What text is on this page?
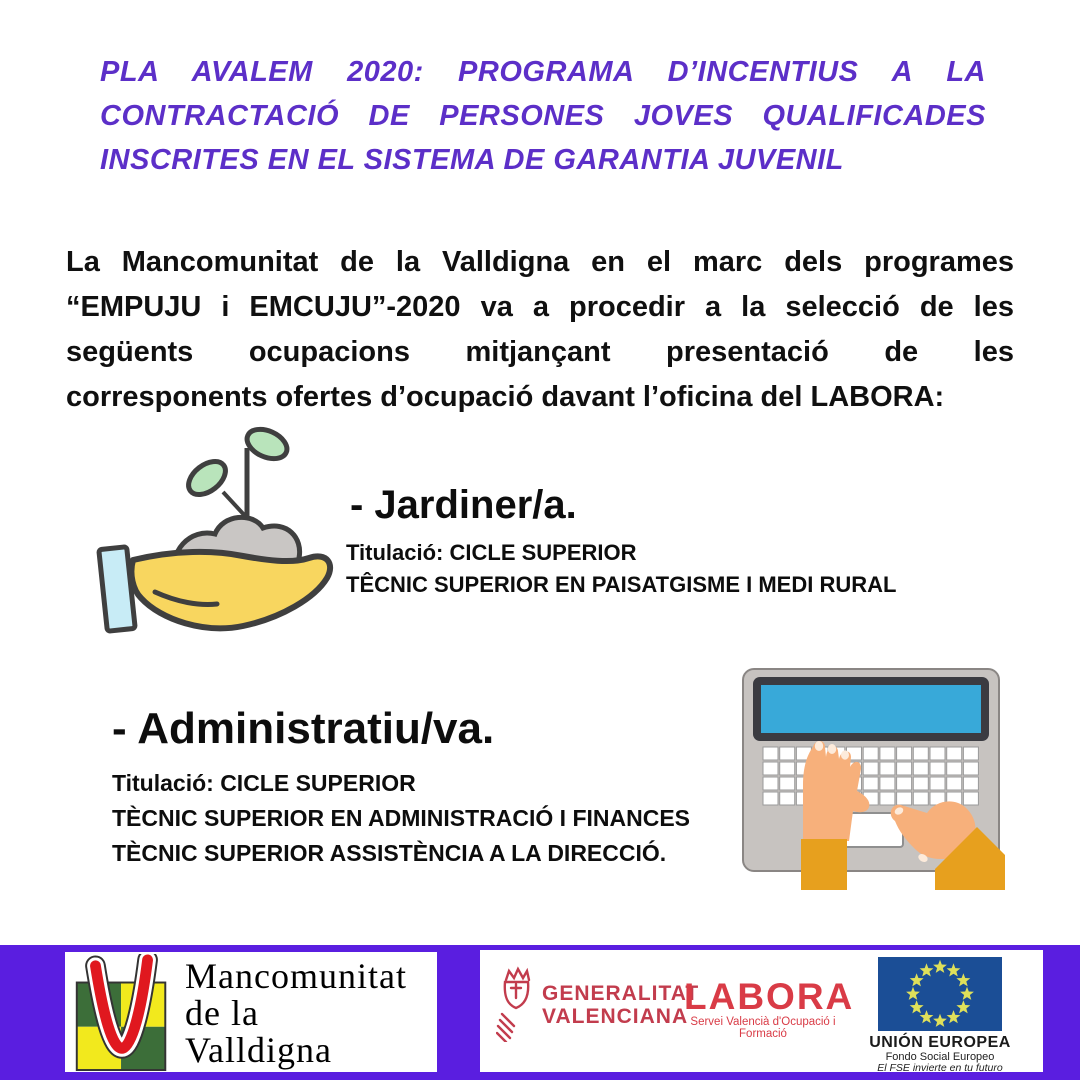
PLA AVALEM 2020: PROGRAMA D’INCENTIUS A LA
CONTRACTACIÓ DE PERSONES JOVES QUALIFICADES
INSCRITES EN EL SISTEMA DE GARANTIA JUVENIL
La Mancomunitat de la Valldigna en el marc dels programes
“EMPUJU i EMCUJU”-2020 va a procedir a la selecció de les
següents ocupacions mitjançant presentació de les
corresponents ofertes d’ocupació davant l’oficina del LABORA:
- Jardiner/a.
Titulació: CICLE SUPERIOR
TÊCNIC SUPERIOR EN PAISATGISME I MEDI RURAL
- Administratiu/va.
Titulació: CICLE SUPERIOR
TÈCNIC SUPERIOR EN ADMINISTRACIÓ I FINANCES
TÈCNIC SUPERIOR ASSISTÈNCIA A LA DIRECCIÓ.
Mancomunitat
de la
Valldigna
GENERALITAT
VALENCIANA
LABORA
Servei Valencià d'Ocupació i Formació	UNIÓN EUROPEA
Fondo Social Europeo
El FSE invierte en tu futuro
